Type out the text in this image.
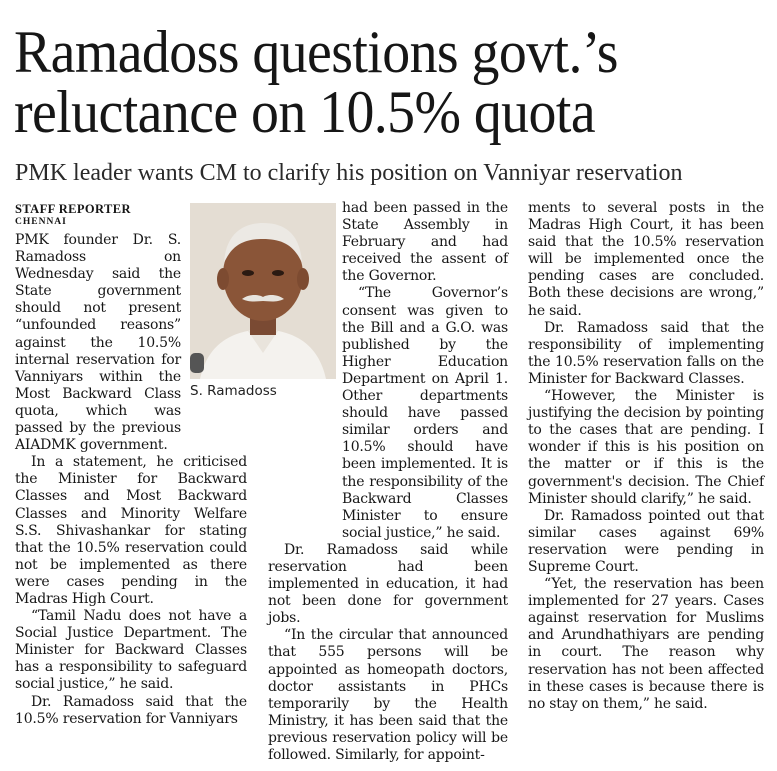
Ramadoss questions govt.’s
reluctance on 10.5% quota
PMK leader wants CM to clarify his position on Vanniyar reservation
STAFF REPORTER
CHENNAI

PMK founder Dr. S. Ramadoss on Wednesday said the State government should not present “unfounded reasons” against the 10.5% internal reservation for Vanniyars within the Most Backward Class quota, which was passed by the previous AIADMK government.

In a statement, he criticised the Minister for Backward Classes and Most Backward Classes and Minority Welfare S.S. Shivashankar for stating that the 10.5% reservation could not be implemented as there were cases pending in the Madras High Court.

“Tamil Nadu does not have a Social Justice Department. The Minister for Backward Classes has a responsibility to safeguard social justice,” he said.

Dr. Ramadoss said that the 10.5% reservation for Vanniyars

S. Ramadoss

had been passed in the State Assembly in February and had received the assent of the Governor.

“The Governor’s consent was given to the Bill and a G.O. was published by the Higher Education Department on April 1. Other departments should have passed similar orders and 10.5% should have been implemented. It is the responsibility of the Backward Classes Minister to ensure social justice,” he said.

Dr. Ramadoss said while reservation had been implemented in education, it had not been done for government jobs.

“In the circular that announced that 555 persons will be appointed as homeopath doctors, doctor assistants in PHCs temporarily by the Health Ministry, it has been said that the previous reservation policy will be followed. Similarly, for appoint-

ments to several posts in the Madras High Court, it has been said that the 10.5% reservation will be implemented once the pending cases are concluded. Both these decisions are wrong,” he said.

Dr. Ramadoss said that the responsibility of implementing the 10.5% reservation falls on the Minister for Backward Classes.

“However, the Minister is justifying the decision by pointing to the cases that are pending. I wonder if this is his position on the matter or if this is the government's decision. The Chief Minister should clarify,” he said.

Dr. Ramadoss pointed out that similar cases against 69% reservation were pending in Supreme Court.

“Yet, the reservation has been implemented for 27 years. Cases against reservation for Muslims and Arundhathiyars are pending in court. The reason why reservation has not been affected in these cases is because there is no stay on them,” he said.
